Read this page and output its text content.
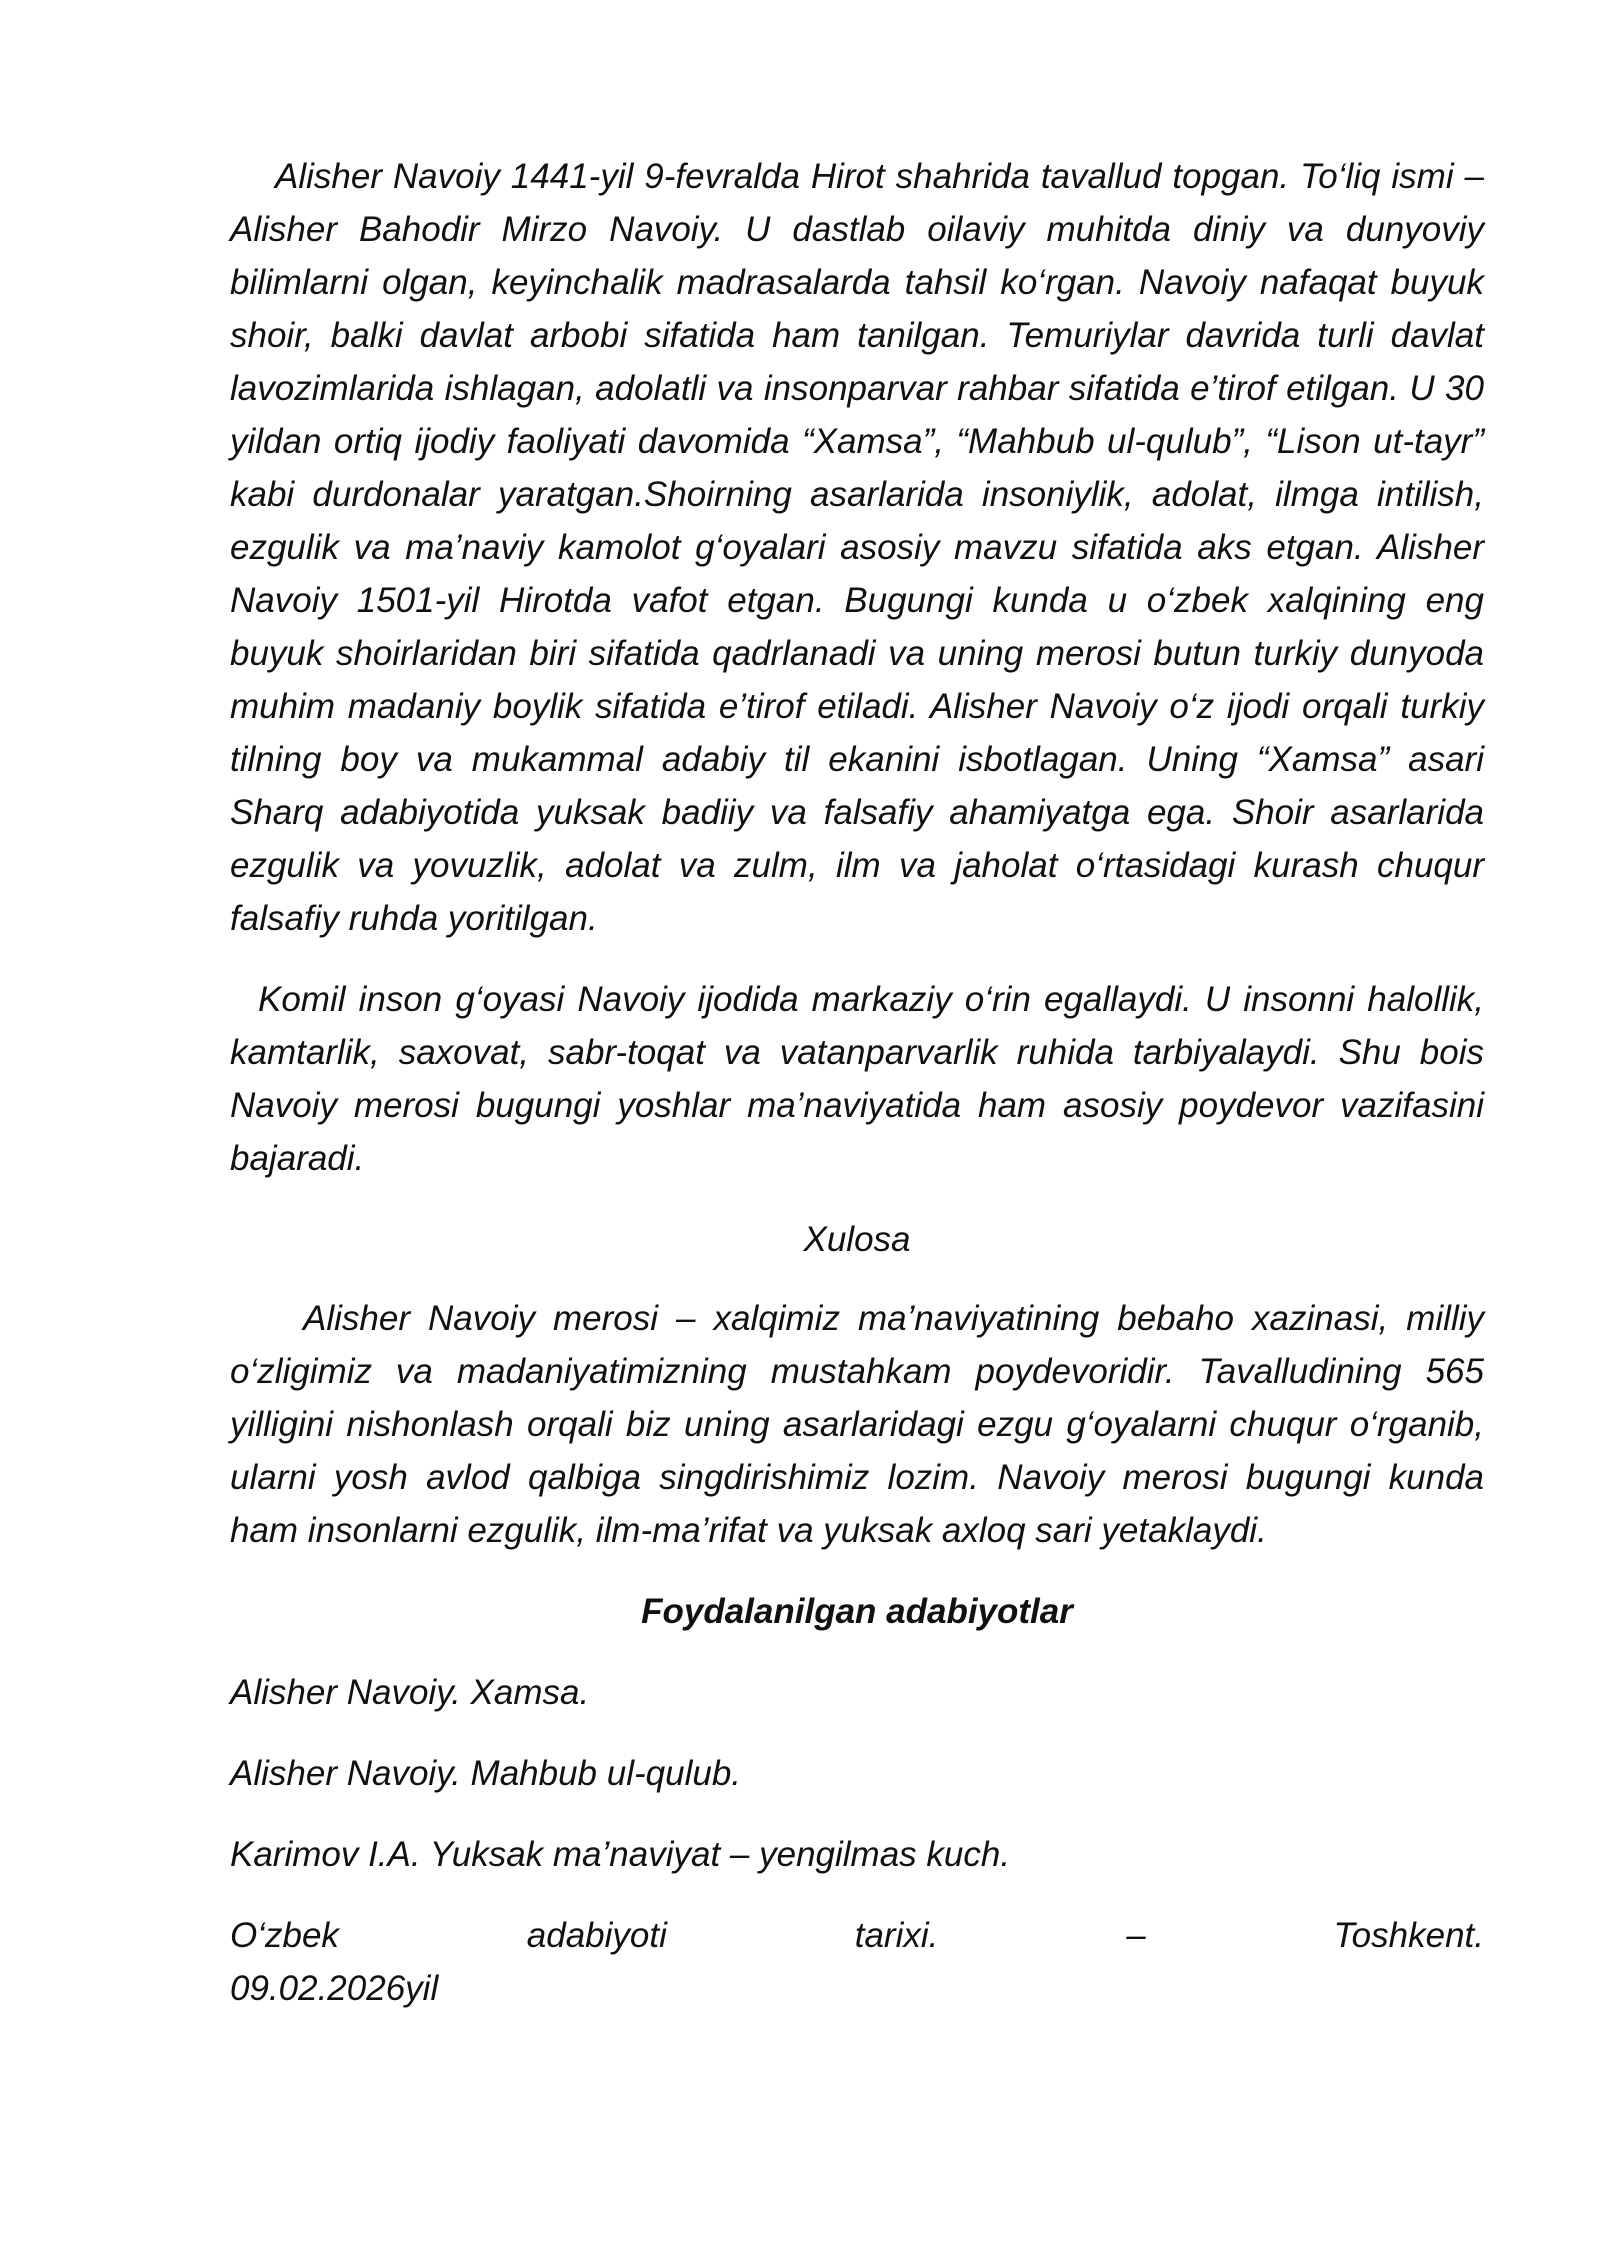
Alisher Navoiy 1441-yil 9-fevralda Hirot shahrida tavallud topgan. To‘liq ismi – Alisher Bahodir Mirzo Navoiy. U dastlab oilaviy muhitda diniy va dunyoviy bilimlarni olgan, keyinchalik madrasalarda tahsil ko‘rgan. Navoiy nafaqat buyuk shoir, balki davlat arbobi sifatida ham tanilgan. Temuriylar davrida turli davlat lavozimlarida ishlagan, adolatli va insonparvar rahbar sifatida e’tirof etilgan. U 30 yildan ortiq ijodiy faoliyati davomida “Xamsa”, “Mahbub ul-qulub”, “Lison ut-tayr” kabi durdonalar yaratgan.Shoirning asarlarida insoniylik, adolat, ilmga intilish, ezgulik va ma’naviy kamolot g‘oyalari asosiy mavzu sifatida aks etgan. Alisher Navoiy 1501-yil Hirotda vafot etgan. Bugungi kunda u o‘zbek xalqining eng buyuk shoirlaridan biri sifatida qadrlanadi va uning merosi butun turkiy dunyoda muhim madaniy boylik sifatida e’tirof etiladi. Alisher Navoiy o‘z ijodi orqali turkiy tilning boy va mukammal adabiy til ekanini isbotlagan. Uning “Xamsa” asari Sharq adabiyotida yuksak badiiy va falsafiy ahamiyatga ega. Shoir asarlarida ezgulik va yovuzlik, adolat va zulm, ilm va jaholat o‘rtasidagi kurash chuqur falsafiy ruhda yoritilgan.

Komil inson g‘oyasi Navoiy ijodida markaziy o‘rin egallaydi. U insonni halollik, kamtarlik, saxovat, sabr-toqat va vatanparvarlik ruhida tarbiyalaydi. Shu bois Navoiy merosi bugungi yoshlar ma’naviyatida ham asosiy poydevor vazifasini bajaradi.

Xulosa

Alisher Navoiy merosi – xalqimiz ma’naviyatining bebaho xazinasi, milliy o‘zligimiz va madaniyatimizning mustahkam poydevoridir. Tavalludining 565 yilligini nishonlash orqali biz uning asarlaridagi ezgu g‘oyalarni chuqur o‘rganib, ularni yosh avlod qalbiga singdirishimiz lozim. Navoiy merosi bugungi kunda ham insonlarni ezgulik, ilm-ma’rifat va yuksak axloq sari yetaklaydi.

Foydalanilgan adabiyotlar
Alisher Navoiy. Xamsa.
Alisher Navoiy. Mahbub ul-qulub.
Karimov I.A. Yuksak ma’naviyat – yengilmas kuch.
O‘zbek adabiyoti tarixi. – Toshkent.

09.02.2026yil
